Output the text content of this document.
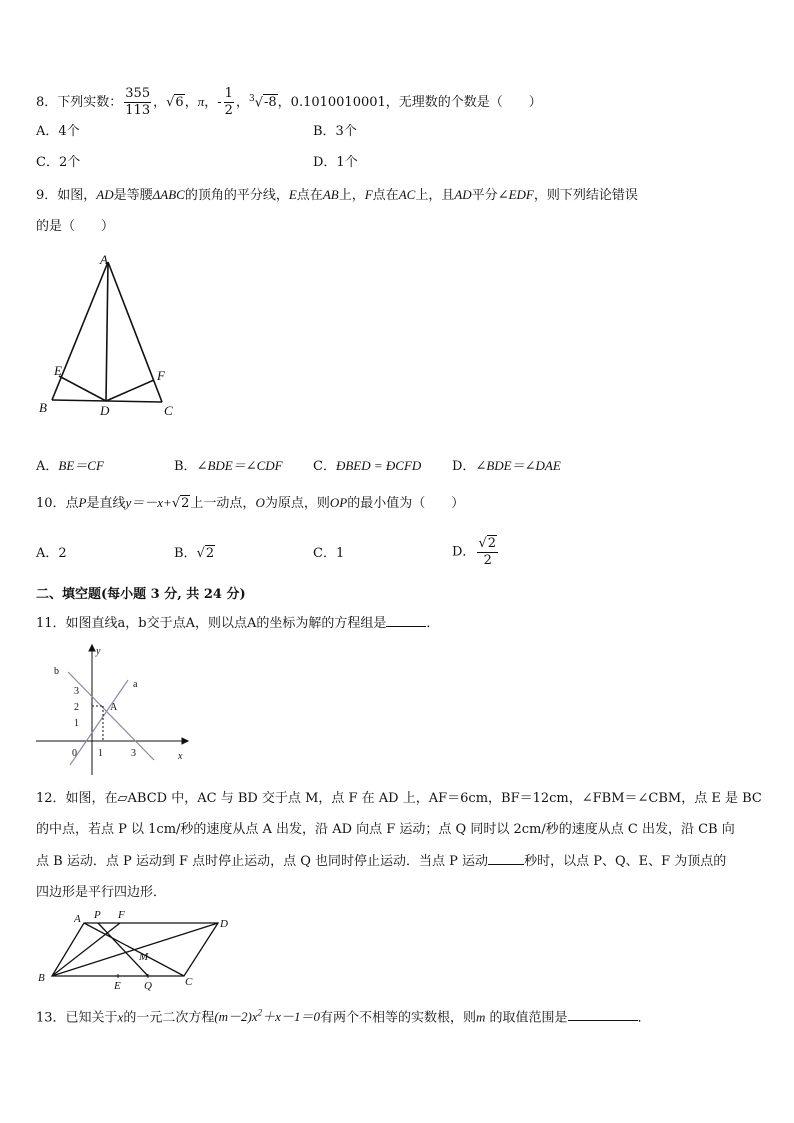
8．下列实数： $\frac{355}{113}$ ，√6，π，- $\frac{1}{2}$ ，$^3$√-8，0.1010010001，无理数的个数是（　　）
A．4个	B．3个
C．2个	D．1个
9．如图，AD是等腰ΔABC的顶角的平分线，E点在AB上，F点在AC上，且AD平分∠EDF，则下列结论错误
的是（　　）
A
E	F
B	D	C
A．BE＝CF	B．∠BDE＝∠CDF C．ĐBED = ĐCFD D．∠BDE＝∠DAE
10．点P是直线y＝－x+√2上一动点，O为原点，则OP的最小值为（　　）
A．2	B．√2	C．1	D． $\frac{√2}{2}$
二、填空题(每小题 3 分, 共 24 分)
11．如图直线a，b交于点A，则以点A的坐标为解的方程组是	．
y
b
a
3
2
1
A
0 1	3	x
12．如图，在▱ABCD 中，AC 与 BD 交于点 M，点 F 在 AD 上，AF＝6cm，BF＝12cm，∠FBM＝∠CBM，点 E 是 BC
的中点，若点 P 以 1cm/秒的速度从点 A 出发，沿 AD 向点 F 运动；点 Q 同时以 2cm/秒的速度从点 C 出发，沿 CB 向
点 B 运动．点 P 运动到 F 点时停止运动，点 Q 也同时停止运动．当点 P 运动	秒时，以点 P、Q、E、F 为顶点的
四边形是平行四边形．
A P F
D
M
B
E Q	C
13．已知关于x的一元二次方程$(m-2)x^2+x-1=0$有两个不相等的实数根，则m 的取值范围是	．
